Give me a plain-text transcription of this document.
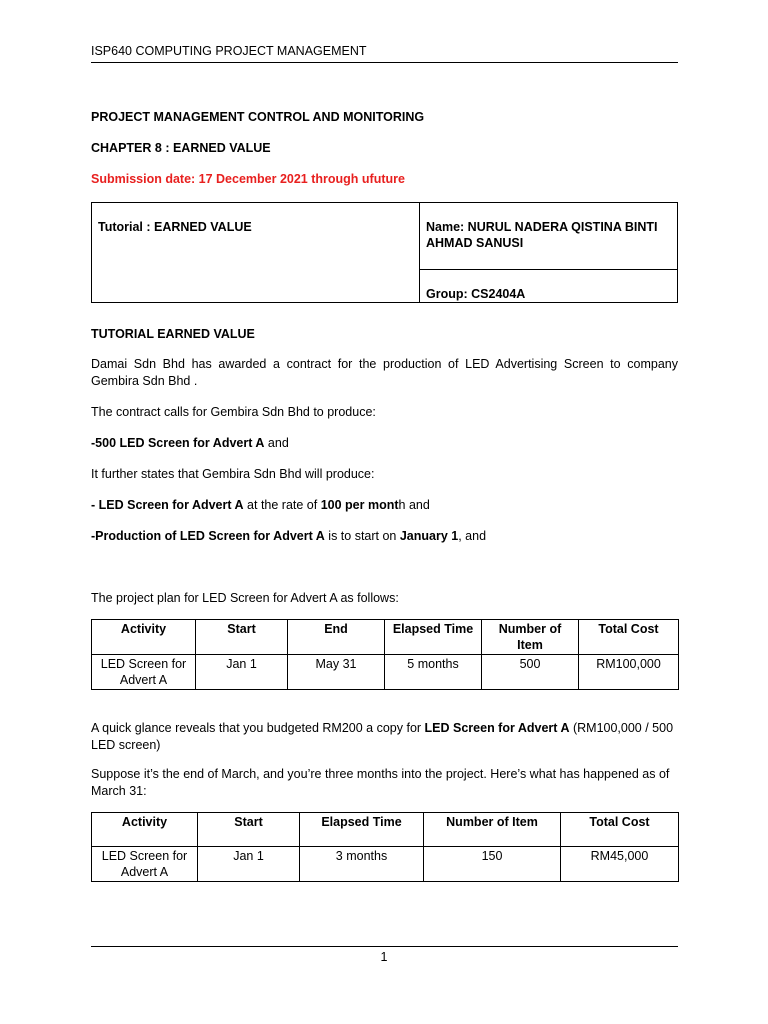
ISP640 COMPUTING PROJECT MANAGEMENT

PROJECT MANAGEMENT CONTROL AND MONITORING

CHAPTER 8 : EARNED VALUE

Submission date: 17 December 2021 through ufuture

Tutorial : EARNED VALUE	Name: NURUL NADERA QISTINA BINTI AHMAD SANUSI
Group: CS2404A

TUTORIAL EARNED VALUE

Damai Sdn Bhd has awarded a contract for the production of LED Advertising Screen to company Gembira Sdn Bhd .

The contract calls for Gembira Sdn Bhd to produce:

-500 LED Screen for Advert A and

It further states that Gembira Sdn Bhd will produce:

- LED Screen for Advert A at the rate of 100 per month and

-Production of LED Screen for Advert A is to start on January 1, and

The project plan for LED Screen for Advert A as follows:

Activity	Start	End	Elapsed Time	Number of Item	Total Cost
LED Screen for Advert A	Jan 1	May 31	5 months	500	RM100,000

A quick glance reveals that you budgeted RM200 a copy for LED Screen for Advert A (RM100,000 / 500 LED screen)

Suppose it’s the end of March, and you’re three months into the project. Here’s what has happened as of March 31:

Activity	Start	Elapsed Time	Number of Item	Total Cost
LED Screen for Advert A	Jan 1	3 months	150	RM45,000
1
